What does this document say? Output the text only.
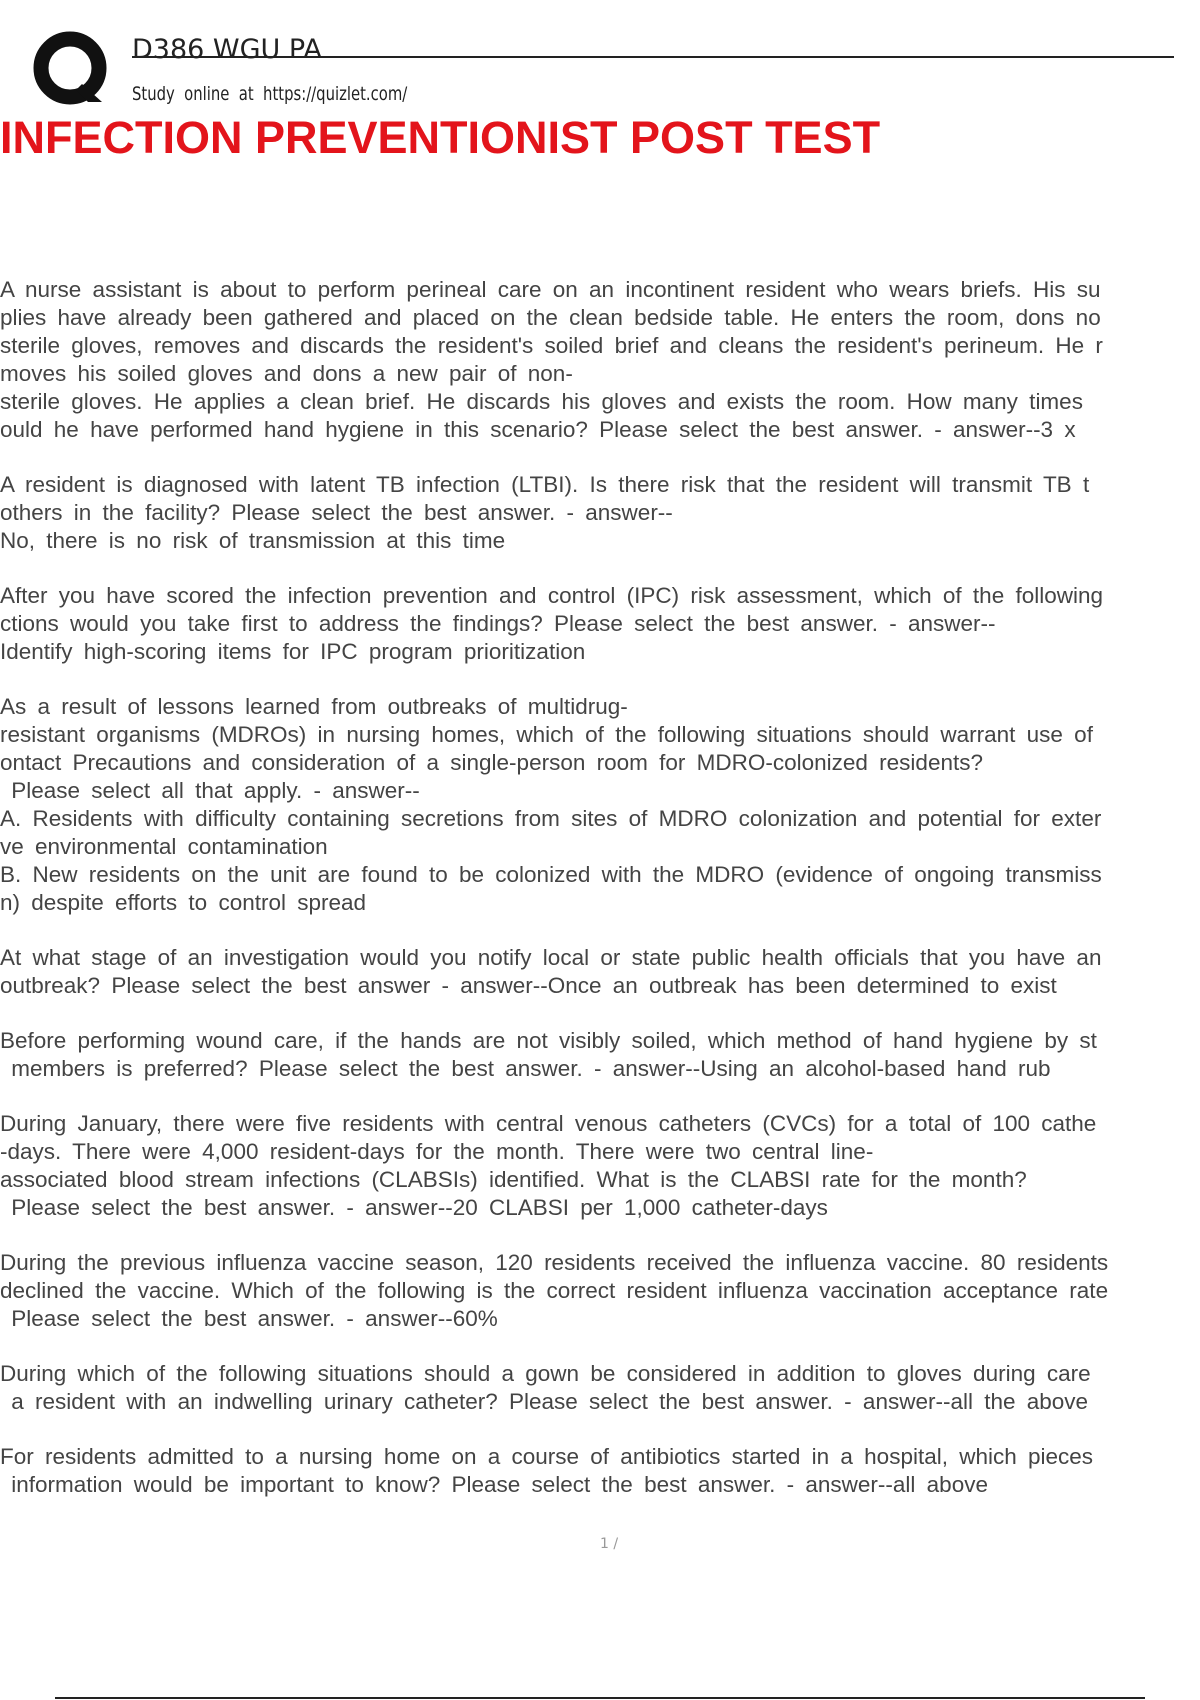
D386 WGU PA
Study online at https://quizlet.com/
INFECTION PREVENTIONIST POST TEST
A nurse assistant is about to perform perineal care on an incontinent resident who wears briefs. His su
plies have already been gathered and placed on the clean bedside table. He enters the room, dons no
sterile gloves, removes and discards the resident's soiled brief and cleans the resident's perineum. He r
moves his soiled gloves and dons a new pair of non-
sterile gloves. He applies a clean brief. He discards his gloves and exists the room. How many times
ould he have performed hand hygiene in this scenario? Please select the best answer. - answer--3 x
A resident is diagnosed with latent TB infection (LTBI). Is there risk that the resident will transmit TB t
others in the facility? Please select the best answer. - answer--
No, there is no risk of transmission at this time
After you have scored the infection prevention and control (IPC) risk assessment, which of the following
ctions would you take first to address the findings? Please select the best answer. - answer--
Identify high-scoring items for IPC program prioritization
As a result of lessons learned from outbreaks of multidrug-
resistant organisms (MDROs) in nursing homes, which of the following situations should warrant use of
ontact Precautions and consideration of a single-person room for MDRO-colonized residents?
Please select all that apply. - answer--
A. Residents with difficulty containing secretions from sites of MDRO colonization and potential for exter
ve environmental contamination
B. New residents on the unit are found to be colonized with the MDRO (evidence of ongoing transmiss
n) despite efforts to control spread
At what stage of an investigation would you notify local or state public health officials that you have an
outbreak? Please select the best answer - answer--Once an outbreak has been determined to exist
Before performing wound care, if the hands are not visibly soiled, which method of hand hygiene by st
members is preferred? Please select the best answer. - answer--Using an alcohol-based hand rub
During January, there were five residents with central venous catheters (CVCs) for a total of 100 cathe
-days. There were 4,000 resident-days for the month. There were two central line-
associated blood stream infections (CLABSIs) identified. What is the CLABSI rate for the month?
Please select the best answer. - answer--20 CLABSI per 1,000 catheter-days
During the previous influenza vaccine season, 120 residents received the influenza vaccine. 80 residents
declined the vaccine. Which of the following is the correct resident influenza vaccination acceptance rate
Please select the best answer. - answer--60%
During which of the following situations should a gown be considered in addition to gloves during care
a resident with an indwelling urinary catheter? Please select the best answer. - answer--all the above
For residents admitted to a nursing home on a course of antibiotics started in a hospital, which pieces
information would be important to know? Please select the best answer. - answer--all above
1 /
